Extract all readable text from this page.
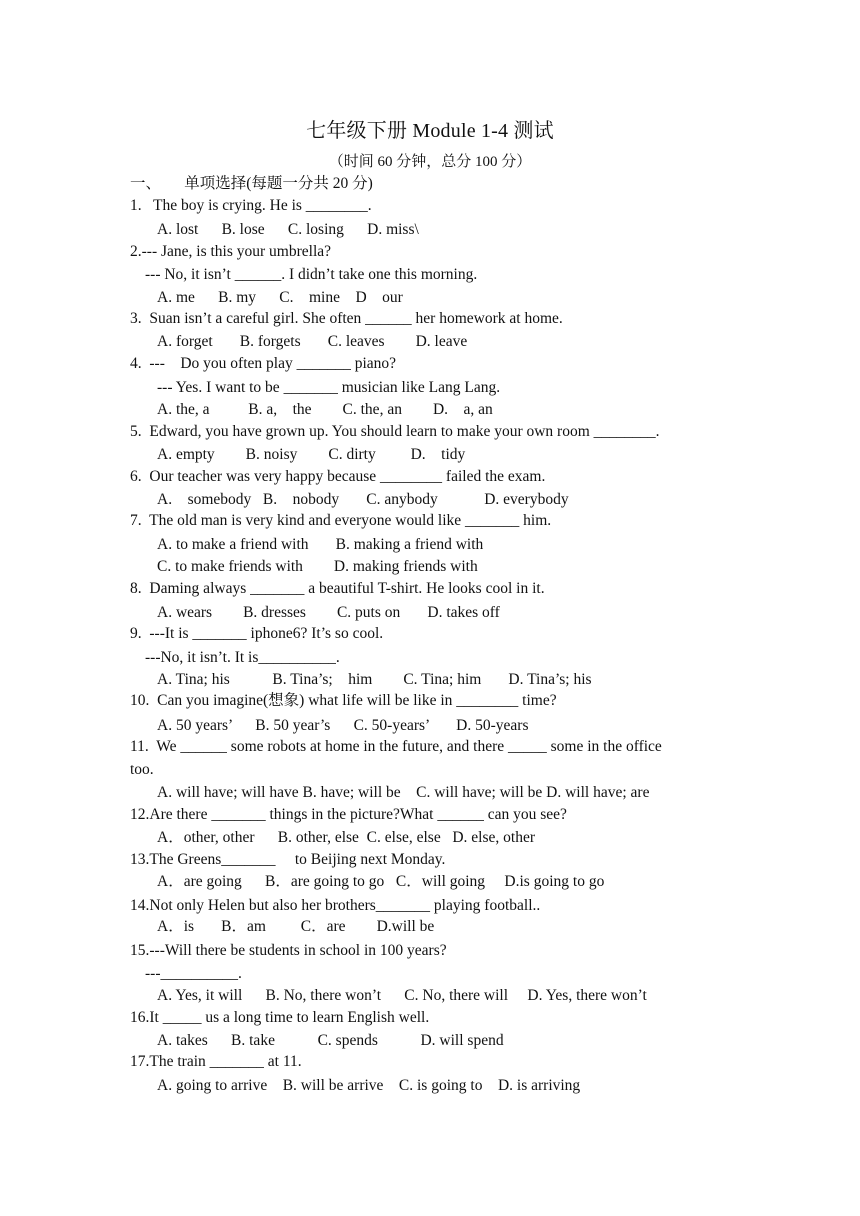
七年级下册 Module 1-4 测试
（时间 60 分钟，总分 100 分）
一、      单项选择(每题一分共 20 分)
1.   The boy is crying. He is ________.
A. lost      B. lose      C. losing      D. miss\
2.--- Jane, is this your umbrella?
--- No, it isn’t ______. I didn’t take one this morning.
A. me      B. my      C.    mine    D    our
3.  Suan isn’t a careful girl. She often ______ her homework at home.
A. forget       B. forgets       C. leaves        D. leave
4.  ---    Do you often play _______ piano?
--- Yes. I want to be _______ musician like Lang Lang.
A. the, a          B. a,    the        C. the, an        D.    a, an
5.  Edward, you have grown up. You should learn to make your own room ________.
A. empty        B. noisy        C. dirty         D.    tidy
6.  Our teacher was very happy because ________ failed the exam.
A.    somebody   B.    nobody       C. anybody            D. everybody
7.  The old man is very kind and everyone would like _______ him.
A. to make a friend with       B. making a friend with
C. to make friends with        D. making friends with
8.  Daming always _______ a beautiful T-shirt. He looks cool in it.
A. wears        B. dresses        C. puts on       D. takes off
9.  ---It is _______ iphone6? It’s so cool.
---No, it isn’t. It is__________.
A. Tina; his           B. Tina’s;    him        C. Tina; him       D. Tina’s; his
10.  Can you imagine(想象) what life will be like in ________ time?
A. 50 years’      B. 50 year’s      C. 50-years’       D. 50-years
11.  We ______ some robots at home in the future, and there _____ some in the office
too.
A. will have; will have B. have; will be    C. will have; will be D. will have; are
12.Are there _______ things in the picture?What ______ can you see?
A．other, other      B. other, else  C. else, else   D. else, other
13.The Greens_______     to Beijing next Monday.
A．are going      B．are going to go   C．will going     D.is going to go
14.Not only Helen but also her brothers_______ playing football..
A．is       B．am         C．are        D.will be
15.---Will there be students in school in 100 years?
---__________.
A. Yes, it will      B. No, there won’t      C. No, there will     D. Yes, there won’t
16.It _____ us a long time to learn English well.
A. takes      B. take           C. spends           D. will spend
17.The train _______ at 11.
A. going to arrive    B. will be arrive    C. is going to    D. is arriving
